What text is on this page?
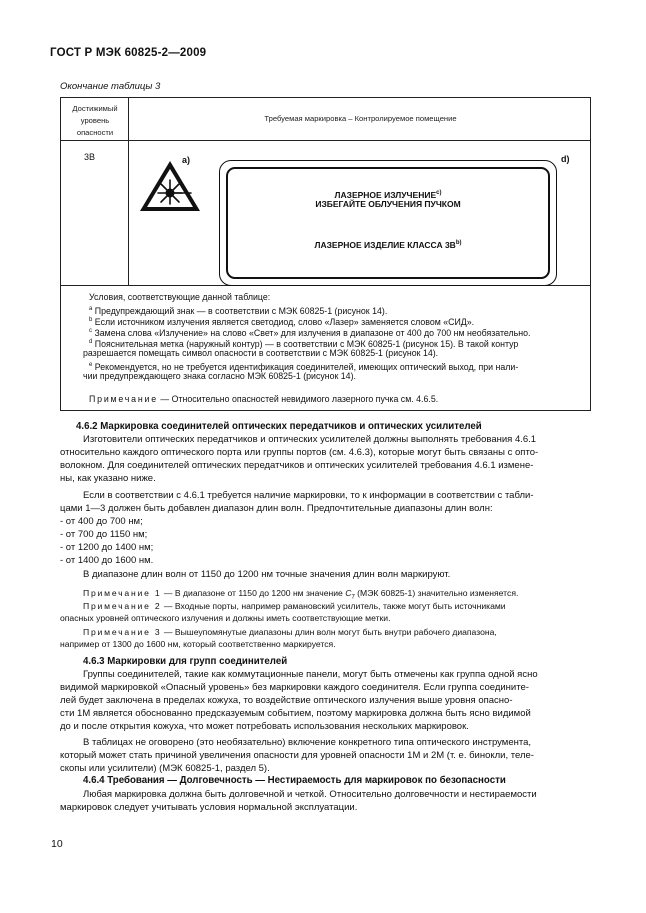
ГОСТ Р МЭК 60825-2—2009
Окончание таблицы 3
Достижимый
уровень
опасности
Требуемая маркировка – Контролируемое помещение
3B	a)	d)
ЛАЗЕРНОЕ ИЗЛУЧЕНИЕ$^{c)}$
ИЗБЕГАЙТЕ ОБЛУЧЕНИЯ ПУЧКОМ
ЛАЗЕРНОЕ ИЗДЕЛИЕ КЛАССА $3B^{b)}$
Условия, соответствующие данной таблице:
$^a$ Предупреждающий знак — в соответствии с МЭК 60825-1 (рисунок 14).
$^b$ Если источником излучения является светодиод, слово «Лазер» заменяется словом «СИД».
$^c$ Замена слова «Излучение» на слово «Свет» для излучения в диапазоне от 400 до 700 нм необязательно.
$^d$ Пояснительная метка (наружный контур) — в соответствии с МЭК 60825-1 (рисунок 15). В такой контур
разрешается помещать символ опасности в соответствии с МЭК 60825-1 (рисунок 14).
$^e$ Рекомендуется, но не требуется идентификация соединителей, имеющих оптический выход, при нали-
чии предупреждающего знака согласно МЭК 60825-1 (рисунок 14).
Примечание — Относительно опасностей невидимого лазерного пучка см. 4.6.5.
4.6.2 Маркировка соединителей оптических передатчиков и оптических усилителей
Изготовители оптических передатчиков и оптических усилителей должны выполнять требования 4.6.1
относительно каждого оптического порта или группы портов (см. 4.6.3), которые могут быть связаны с опто-
волокном. Для соединителей оптических передатчиков и оптических усилителей требования 4.6.1 измене-
ны, как указано ниже.
Если в соответствии с 4.6.1 требуется наличие маркировки, то к информации в соответствии с табли-
цами 1—3 должен быть добавлен диапазон длин волн. Предпочтительные диапазоны длин волн:
- от 400 до 700 нм;
- от 700 до 1150 нм;
- от 1200 до 1400 нм;
- от 1400 до 1600 нм.
В диапазоне длин волн от 1150 до 1200 нм точные значения длин волн маркируют.
Примечание 1 — В диапазоне от 1150 до 1200 нм значение $C_7$ (МЭК 60825-1) значительно изменяется.
Примечание 2 — Входные порты, например рамановский усилитель, также могут быть источниками
опасных уровней оптического излучения и должны иметь соответствующие метки.
Примечание 3 — Вышеупомянутые диапазоны длин волн могут быть внутри рабочего диапазона,
например от 1300 до 1600 нм, который соответственно маркируется.
4.6.3 Маркировки для групп соединителей
Группы соединителей, такие как коммутационные панели, могут быть отмечены как группа одной ясно
видимой маркировкой «Опасный уровень» без маркировки каждого соединителя. Если группа соедините-
лей будет заключена в пределах кожуха, то воздействие оптического излучения выше уровня опасно-
сти 1М является обоснованно предсказуемым событием, поэтому маркировка должна быть ясно видимой
до и после открытия кожуха, что может потребовать использования нескольких маркировок.
В таблицах не оговорено (это необязательно) включение конкретного типа оптического инструмента,
который может стать причиной увеличения опасности для уровней опасности 1М и 2М (т. е. бинокли, теле-
скопы или усилители) (МЭК 60825-1, раздел 5).
4.6.4 Требования — Долговечность — Нестираемость для маркировок по безопасности
Любая маркировка должна быть долговечной и четкой. Относительно долговечности и нестираемости
маркировок следует учитывать условия нормальной эксплуатации.
10
